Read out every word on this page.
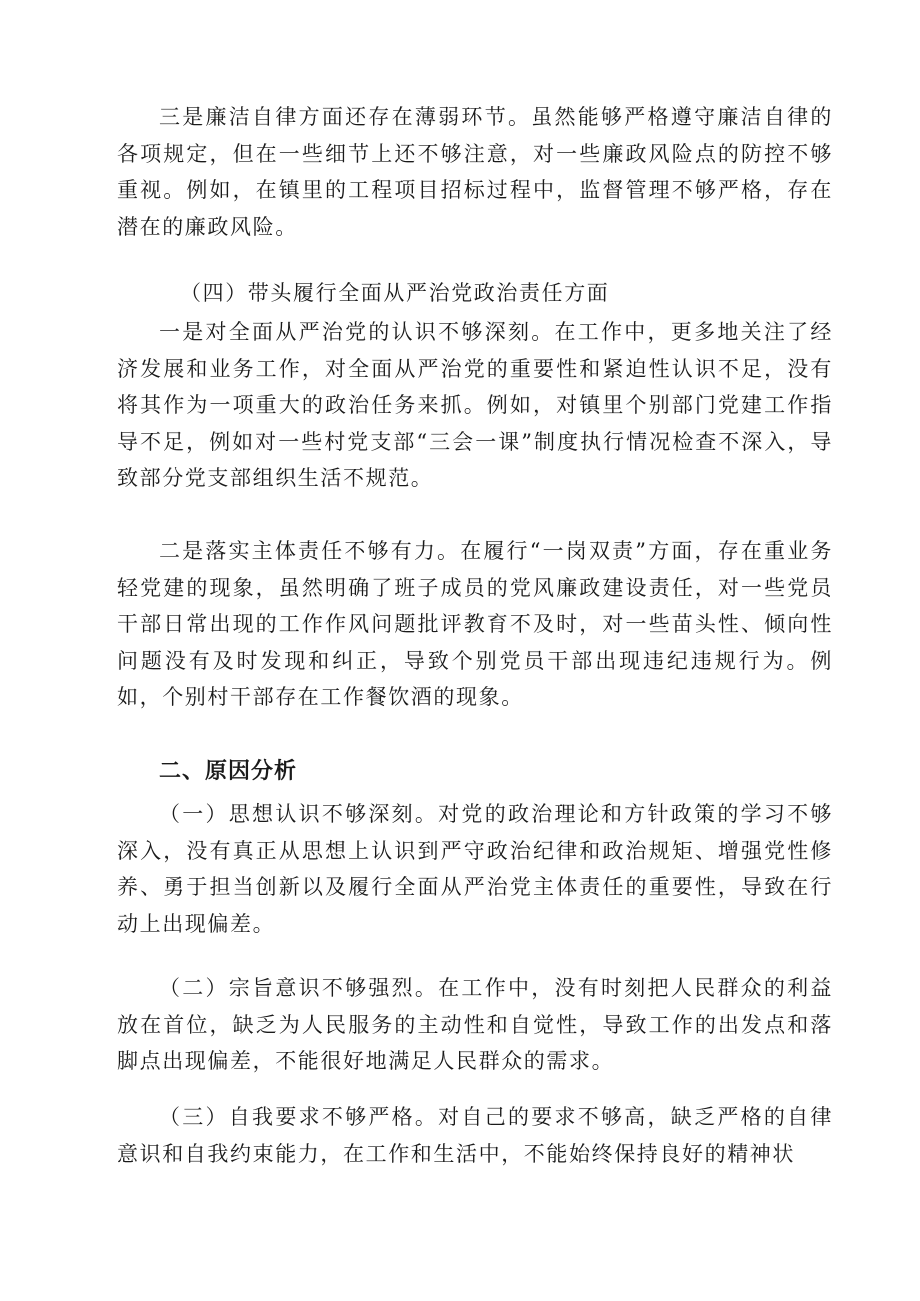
三是廉洁自律方面还存在薄弱环节。虽然能够严格遵守廉洁自律的各项规定，但在一些细节上还不够注意，对一些廉政风险点的防控不够重视。例如，在镇里的工程项目招标过程中，监督管理不够严格，存在潜在的廉政风险。

（四）带头履行全面从严治党政治责任方面

一是对全面从严治党的认识不够深刻。在工作中，更多地关注了经济发展和业务工作，对全面从严治党的重要性和紧迫性认识不足，没有将其作为一项重大的政治任务来抓。例如，对镇里个别部门党建工作指导不足，例如对一些村党支部“三会一课”制度执行情况检查不深入，导致部分党支部组织生活不规范。

二是落实主体责任不够有力。在履行“一岗双责”方面，存在重业务轻党建的现象，虽然明确了班子成员的党风廉政建设责任，对一些党员干部日常出现的工作作风问题批评教育不及时，对一些苗头性、倾向性问题没有及时发现和纠正，导致个别党员干部出现违纪违规行为。例如，个别村干部存在工作餐饮酒的现象。

二、原因分析

（一）思想认识不够深刻。对党的政治理论和方针政策的学习不够深入，没有真正从思想上认识到严守政治纪律和政治规矩、增强党性修养、勇于担当创新以及履行全面从严治党主体责任的重要性，导致在行动上出现偏差。

（二）宗旨意识不够强烈。在工作中，没有时刻把人民群众的利益放在首位，缺乏为人民服务的主动性和自觉性，导致工作的出发点和落脚点出现偏差，不能很好地满足人民群众的需求。

（三）自我要求不够严格。对自己的要求不够高，缺乏严格的自律意识和自我约束能力，在工作和生活中，不能始终保持良好的精神状
